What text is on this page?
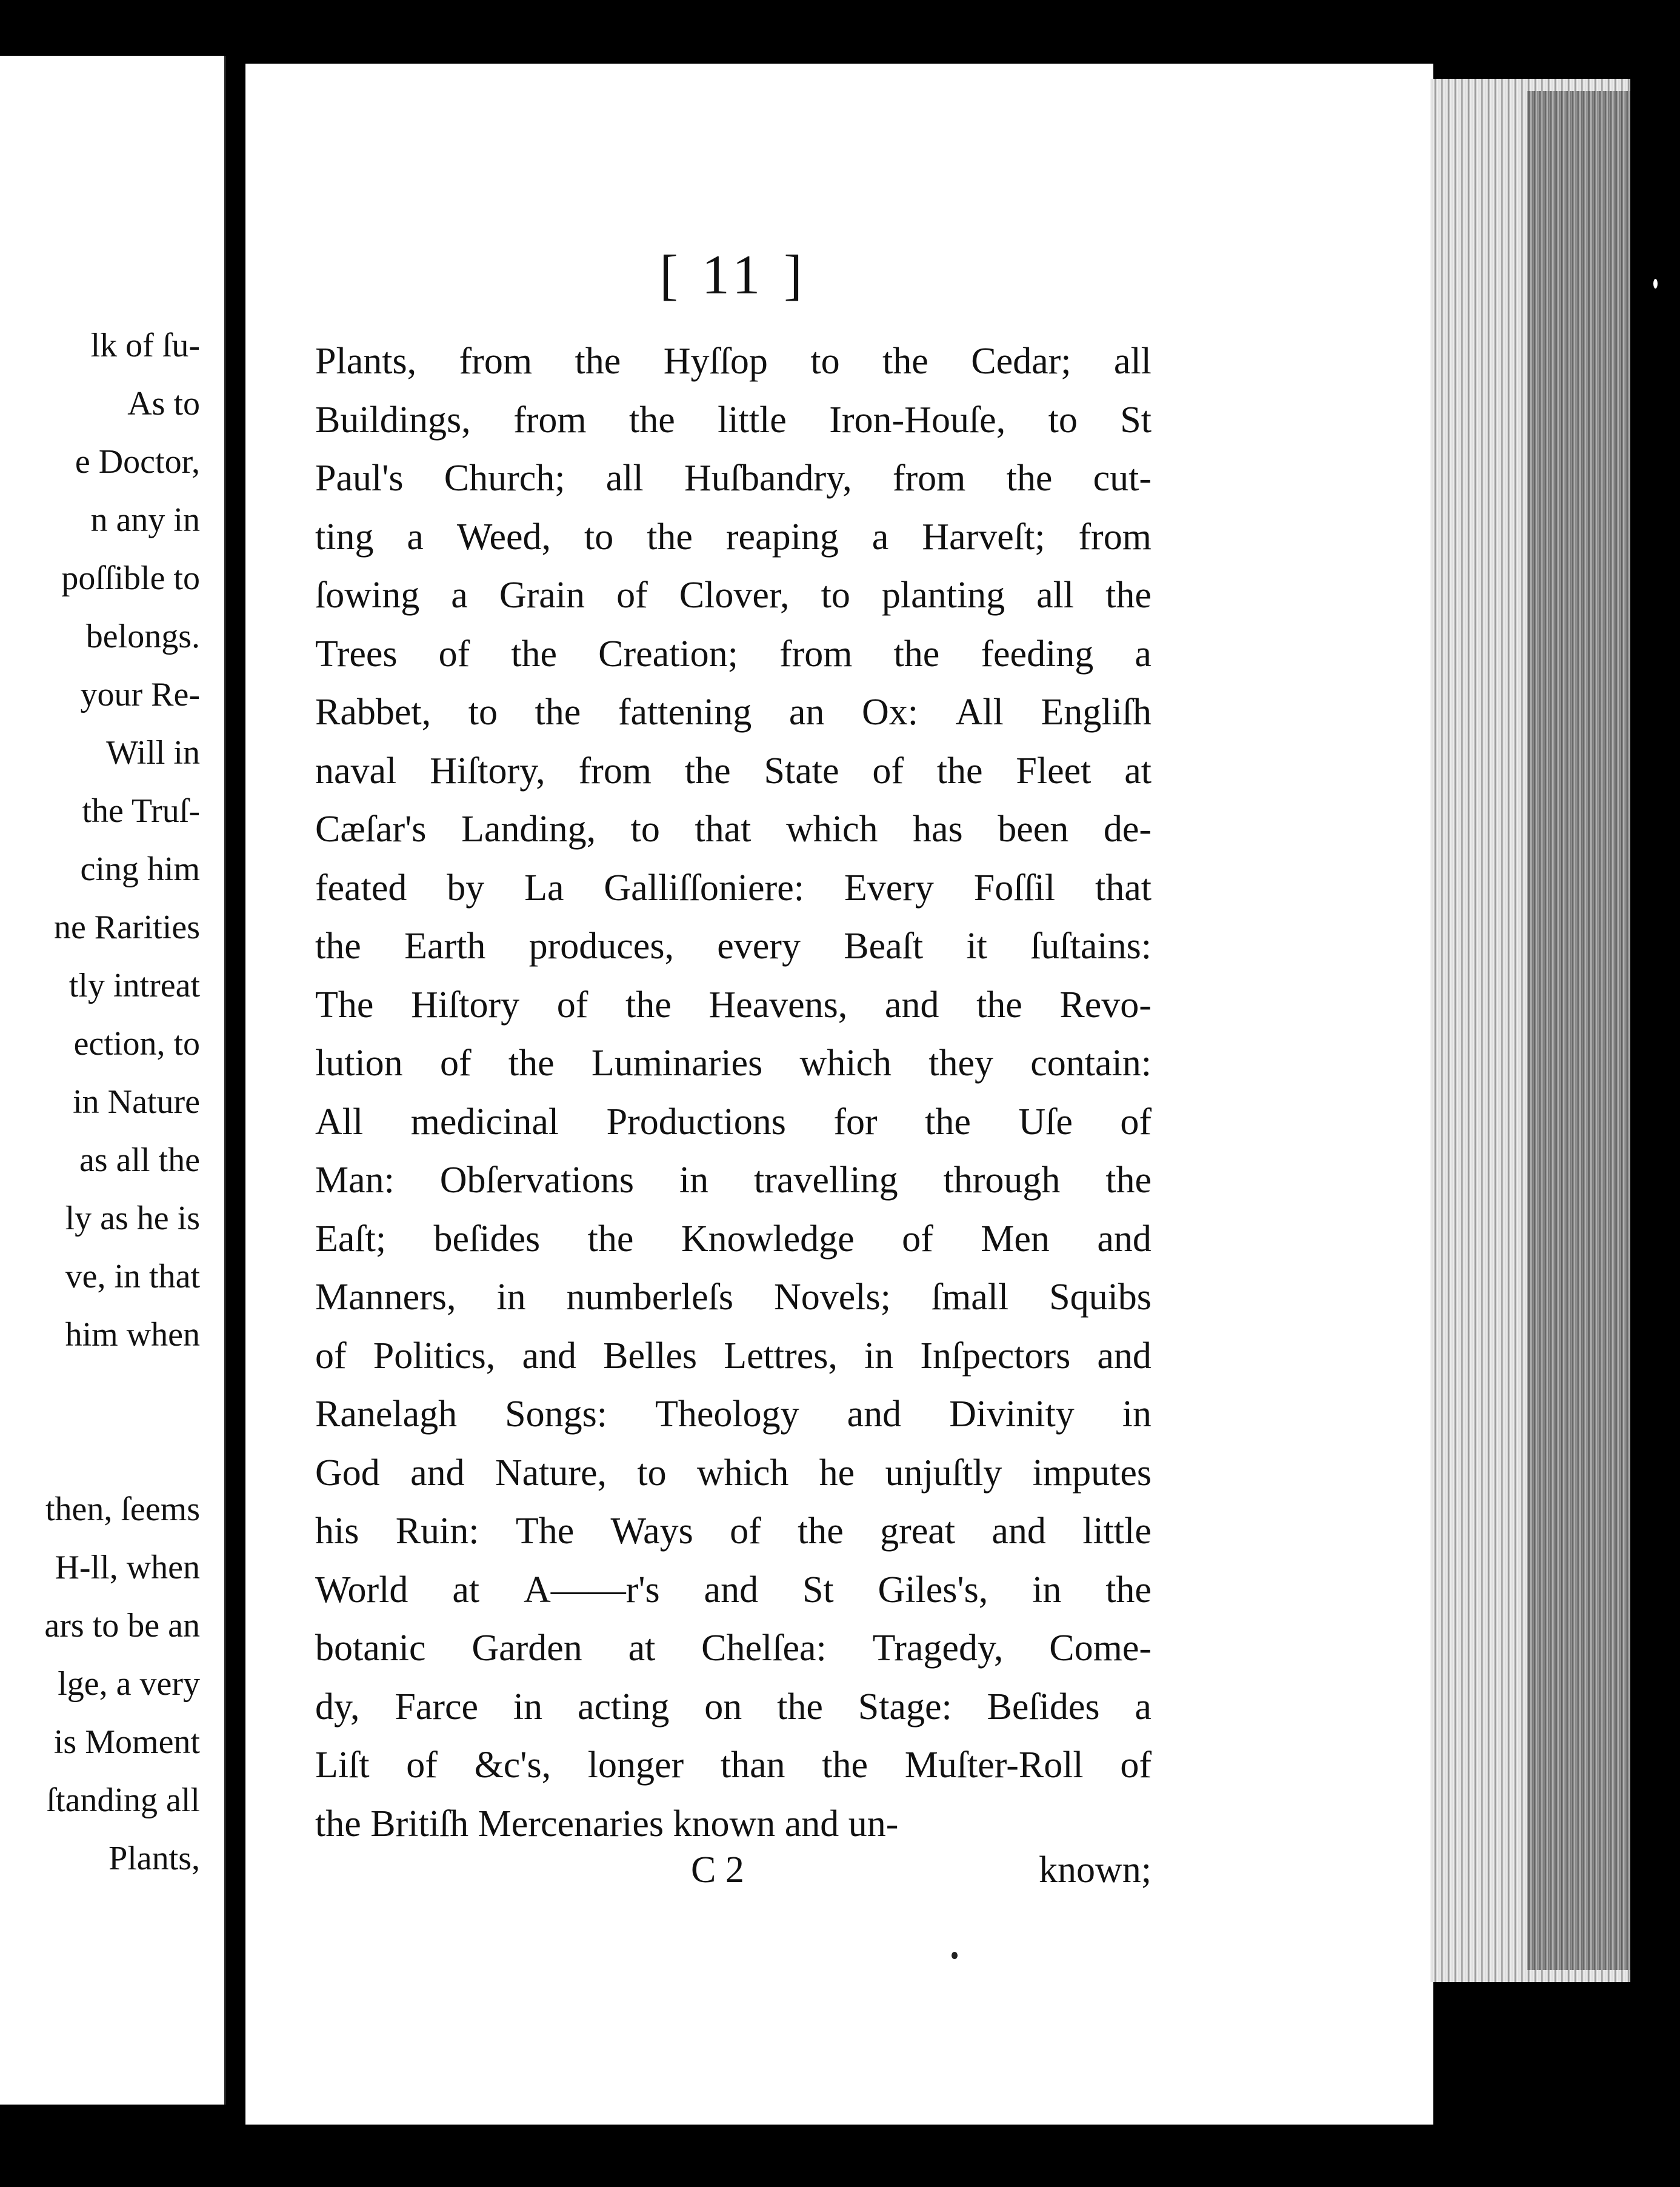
lk of ſu-
As to
e Doctor,
n any in
poſſible to
belongs.
your Re-
Will in
the Truſ-
cing him
ne Rarities
tly intreat
ection, to
in Nature
as all the
ly as he is
ve, in that
him when

then, ſeems
H-ll, when
ars to be an
lge, a very
is Moment
ſtanding all
Plants,
[ 11 ]
Plants, from the Hyſſop to the Cedar; all
Buildings, from the little Iron-Houſe, to St
Paul's Church; all Huſbandry, from the cut-
ting a Weed, to the reaping a Harveſt; from
ſowing a Grain of Clover, to planting all the
Trees of the Creation; from the feeding a
Rabbet, to the fattening an Ox: All Engliſh
naval Hiſtory, from the State of the Fleet at
Cæſar's Landing, to that which has been de-
feated by La Galliſſoniere: Every Foſſil that
the Earth produces, every Beaſt it ſuſtains:
The Hiſtory of the Heavens, and the Revo-
lution of the Luminaries which they contain:
All medicinal Productions for the Uſe of
Man: Obſervations in travelling through the
Eaſt; beſides the Knowledge of Men and
Manners, in numberleſs Novels; ſmall Squibs
of Politics, and Belles Lettres, in Inſpectors and
Ranelagh Songs: Theology and Divinity in
God and Nature, to which he unjuſtly imputes
his Ruin: The Ways of the great and little
World at A——r's and St Giles's, in the
botanic Garden at Chelſea: Tragedy, Come-
dy, Farce in acting on the Stage: Beſides a
Liſt of &c's, longer than the Muſter-Roll of
the Britiſh Mercenaries known and un-
C 2	known;
